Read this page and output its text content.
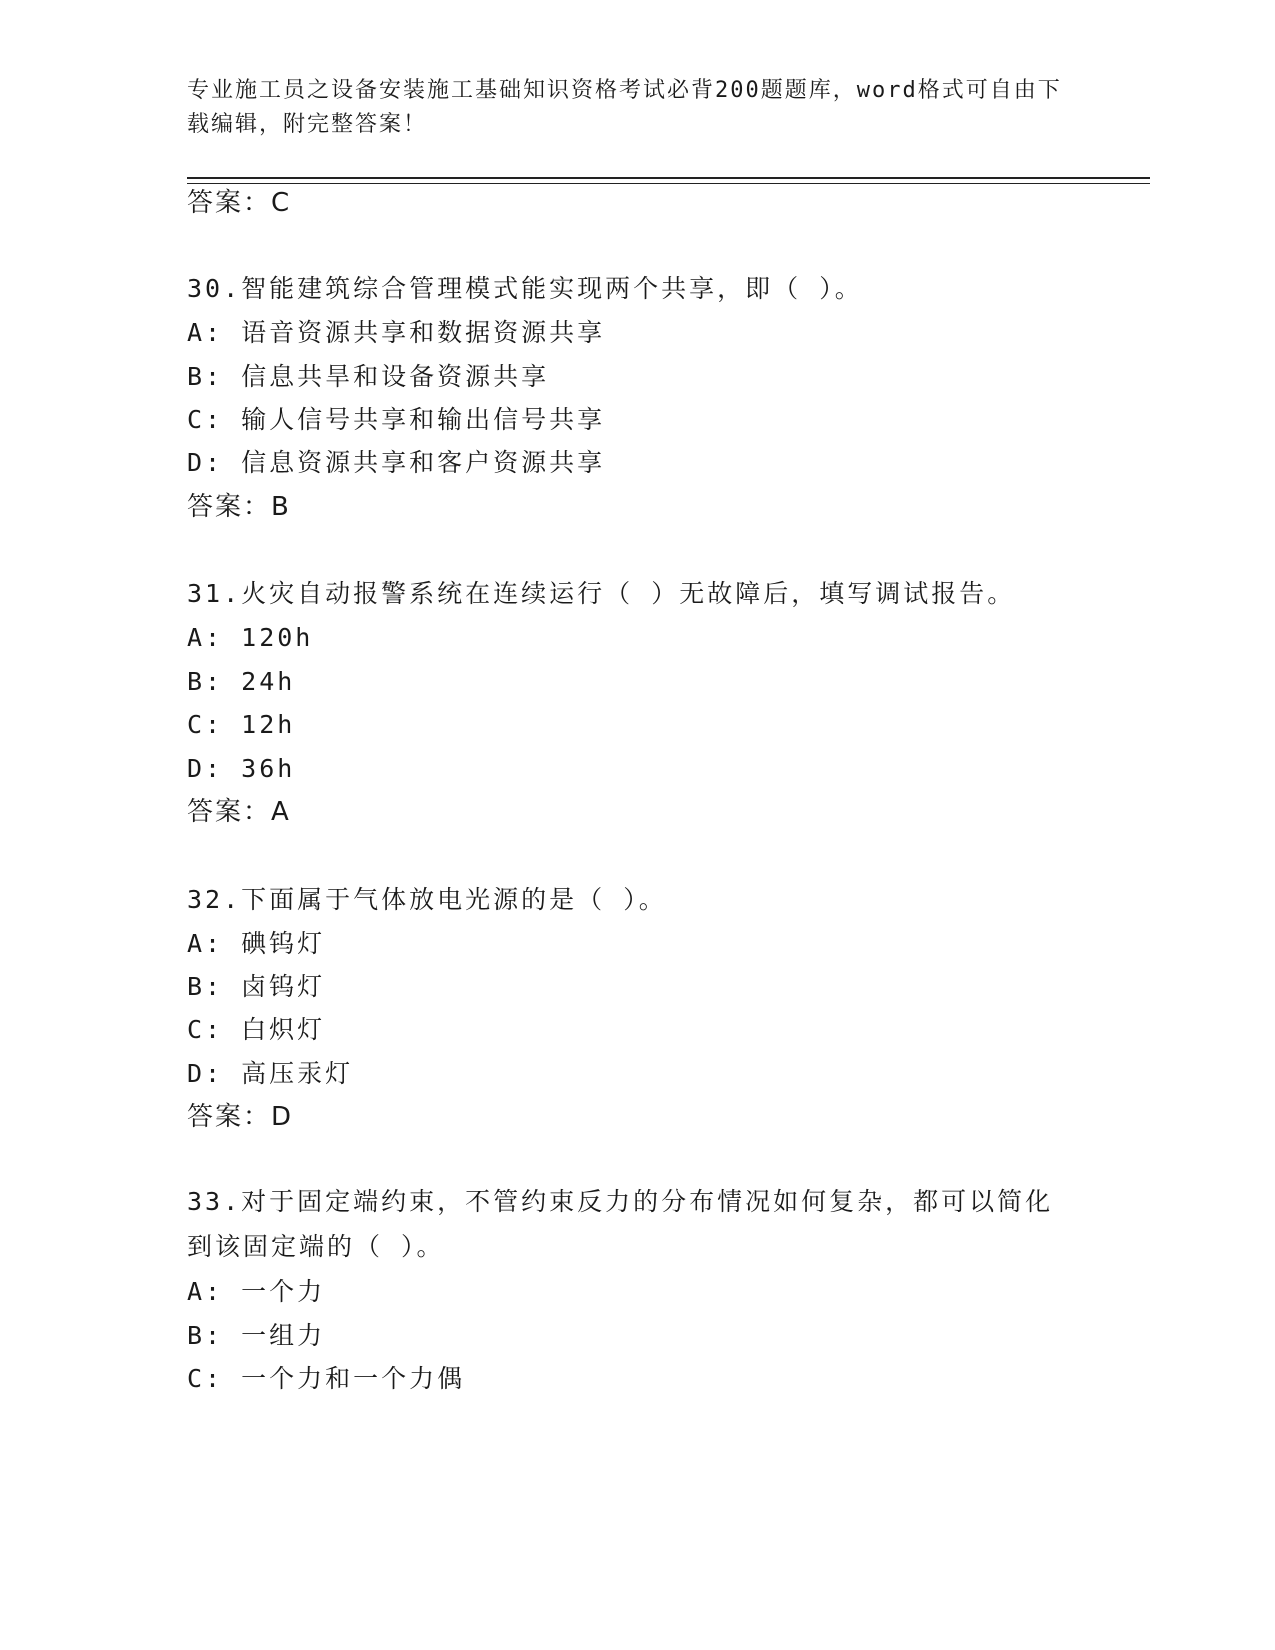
专业施工员之设备安装施工基础知识资格考试必背200题题库，word格式可自由下载编辑，附完整答案！
答案：C
30.智能建筑综合管理模式能实现两个共享，即（ ）。
A: 语音资源共享和数据资源共享
B: 信息共旱和设备资源共享
C: 输人信号共享和输出信号共享
D: 信息资源共享和客户资源共享
答案：B
31.火灾自动报警系统在连续运行（ ）无故障后，填写调试报告。
A: 120h
B: 24h
C: 12h
D: 36h
答案：A
32.下面属于气体放电光源的是（ ）。
A: 碘钨灯
B: 卤钨灯
C: 白炽灯
D: 高压汞灯
答案：D
33.对于固定端约束，不管约束反力的分布情况如何复杂，都可以简化到该固定端的（ ）。
A: 一个力
B: 一组力
C: 一个力和一个力偶
